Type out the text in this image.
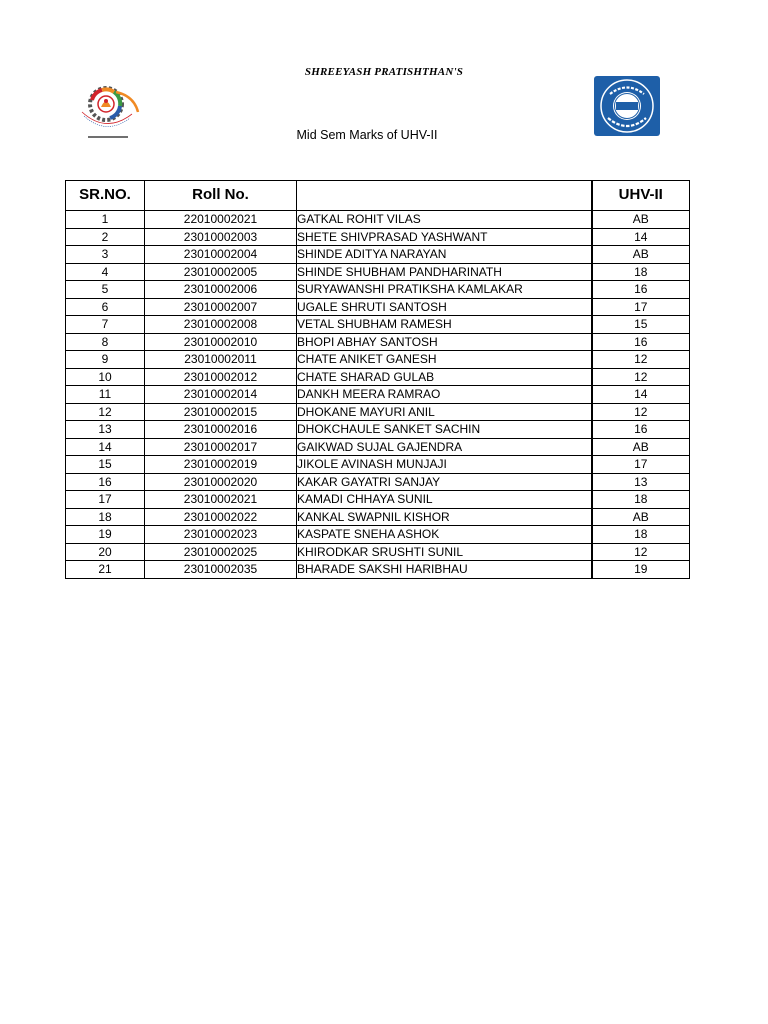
SHREEYASH PRATISHTHAN'S
Mid Sem Marks of UHV-II
SR.NO.	Roll No.		UHV-II
1	22010002021	GATKAL ROHIT VILAS	AB
2	23010002003	SHETE SHIVPRASAD YASHWANT	14
3	23010002004	SHINDE ADITYA NARAYAN	AB
4	23010002005	SHINDE SHUBHAM PANDHARINATH	18
5	23010002006	SURYAWANSHI PRATIKSHA KAMLAKAR	16
6	23010002007	UGALE SHRUTI SANTOSH	17
7	23010002008	VETAL SHUBHAM RAMESH	15
8	23010002010	BHOPI ABHAY SANTOSH	16
9	23010002011	CHATE ANIKET GANESH	12
10	23010002012	CHATE SHARAD GULAB	12
11	23010002014	DANKH MEERA RAMRAO	14
12	23010002015	DHOKANE MAYURI ANIL	12
13	23010002016	DHOKCHAULE SANKET SACHIN	16
14	23010002017	GAIKWAD SUJAL GAJENDRA	AB
15	23010002019	JIKOLE AVINASH MUNJAJI	17
16	23010002020	KAKAR GAYATRI SANJAY	13
17	23010002021	KAMADI CHHAYA SUNIL	18
18	23010002022	KANKAL SWAPNIL KISHOR	AB
19	23010002023	KASPATE SNEHA ASHOK	18
20	23010002025	KHIRODKAR SRUSHTI SUNIL	12
21	23010002035	BHARADE SAKSHI HARIBHAU	19
